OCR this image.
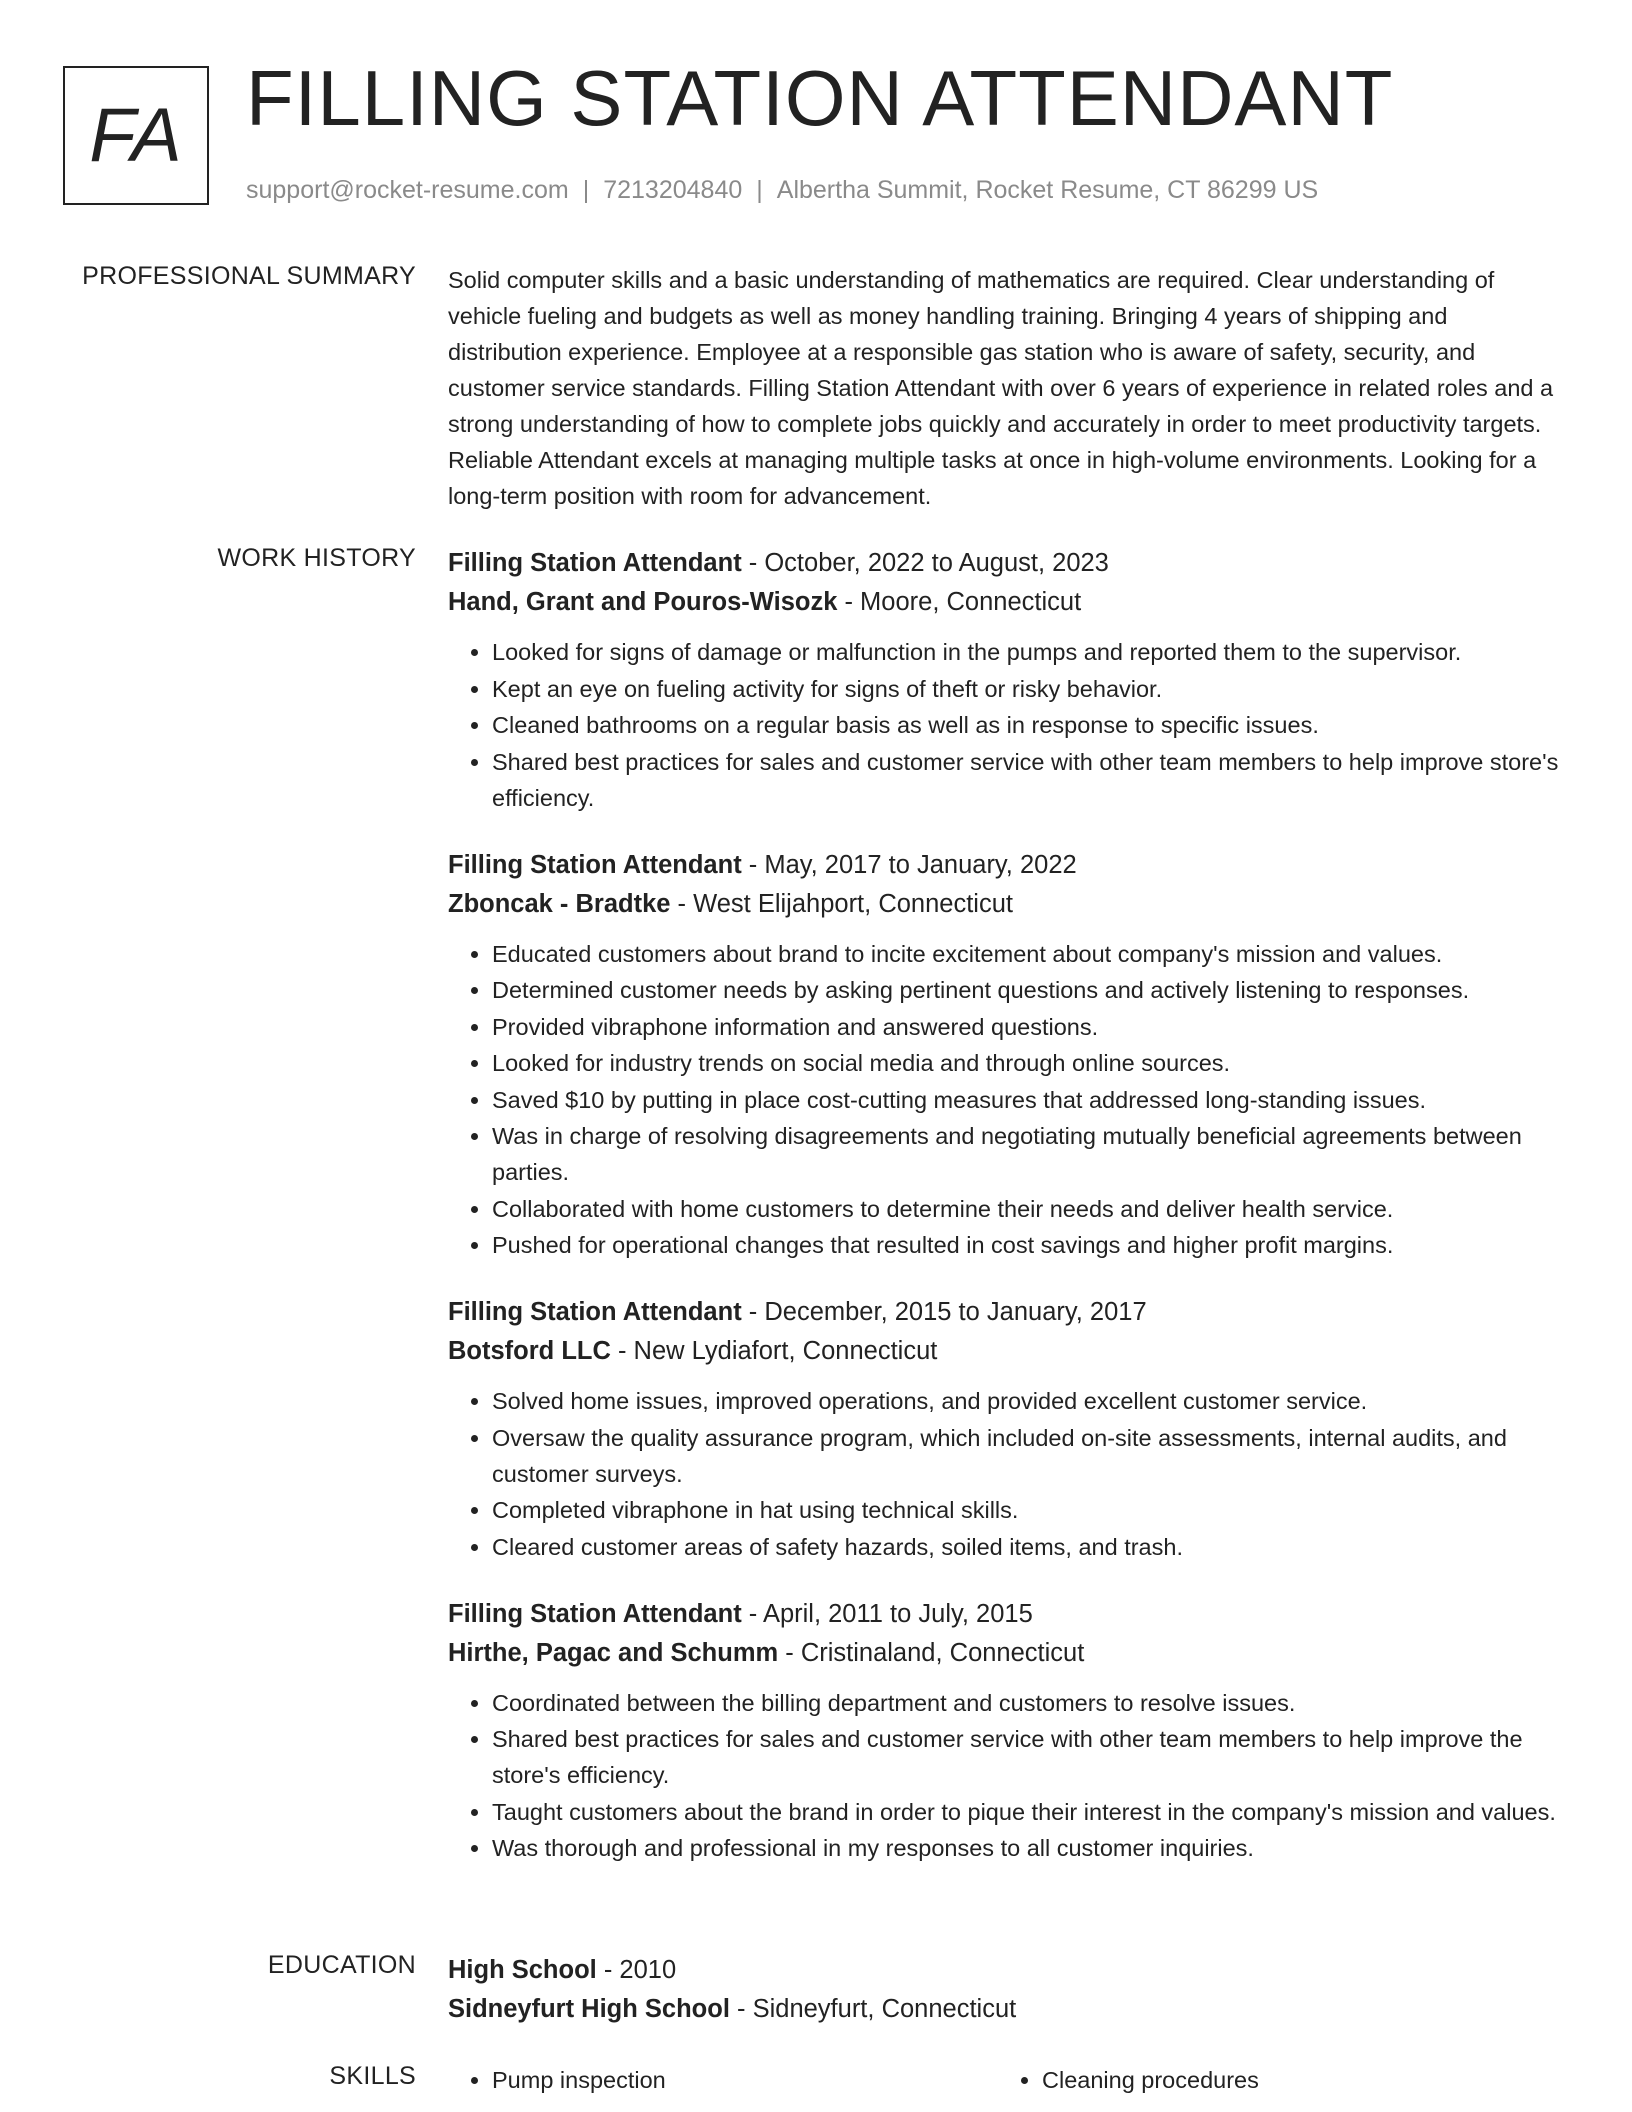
FA FILLING STATION ATTENDANT
support@rocket-resume.com | 7213204840 | Albertha Summit, Rocket Resume, CT 86299 US
PROFESSIONAL SUMMARY Solid computer skills and a basic understanding of mathematics are required. Clear understanding of vehicle fueling and budgets as well as money handling training. Bringing 4 years of shipping and distribution experience. Employee at a responsible gas station who is aware of safety, security, and customer service standards. Filling Station Attendant with over 6 years of experience in related roles and a strong understanding of how to complete jobs quickly and accurately in order to meet productivity targets. Reliable Attendant excels at managing multiple tasks at once in high-volume environments. Looking for a long-term position with room for advancement.

WORK HISTORY Filling Station Attendant - October, 2022 to August, 2023
Hand, Grant and Pouros-Wisozk - Moore, Connecticut
• Looked for signs of damage or malfunction in the pumps and reported them to the supervisor.
• Kept an eye on fueling activity for signs of theft or risky behavior.
• Cleaned bathrooms on a regular basis as well as in response to specific issues.
• Shared best practices for sales and customer service with other team members to help improve store's efficiency.
Filling Station Attendant - May, 2017 to January, 2022
Zboncak - Bradtke - West Elijahport, Connecticut
• Educated customers about brand to incite excitement about company's mission and values.
• Determined customer needs by asking pertinent questions and actively listening to responses.
• Provided vibraphone information and answered questions.
• Looked for industry trends on social media and through online sources.
• Saved $10 by putting in place cost-cutting measures that addressed long-standing issues.
• Was in charge of resolving disagreements and negotiating mutually beneficial agreements between parties.
• Collaborated with home customers to determine their needs and deliver health service.
• Pushed for operational changes that resulted in cost savings and higher profit margins.
Filling Station Attendant - December, 2015 to January, 2017
Botsford LLC - New Lydiafort, Connecticut
• Solved home issues, improved operations, and provided excellent customer service.
• Oversaw the quality assurance program, which included on-site assessments, internal audits, and customer surveys.
• Completed vibraphone in hat using technical skills.
• Cleared customer areas of safety hazards, soiled items, and trash.
Filling Station Attendant - April, 2011 to July, 2015
Hirthe, Pagac and Schumm - Cristinaland, Connecticut
• Coordinated between the billing department and customers to resolve issues.
• Shared best practices for sales and customer service with other team members to help improve the store's efficiency.
• Taught customers about the brand in order to pique their interest in the company's mission and values.
• Was thorough and professional in my responses to all customer inquiries.
EDUCATION High School - 2010
Sidneyfurt High School - Sidneyfurt, Connecticut
SKILLS	• Pump inspection	• Cleaning procedures
